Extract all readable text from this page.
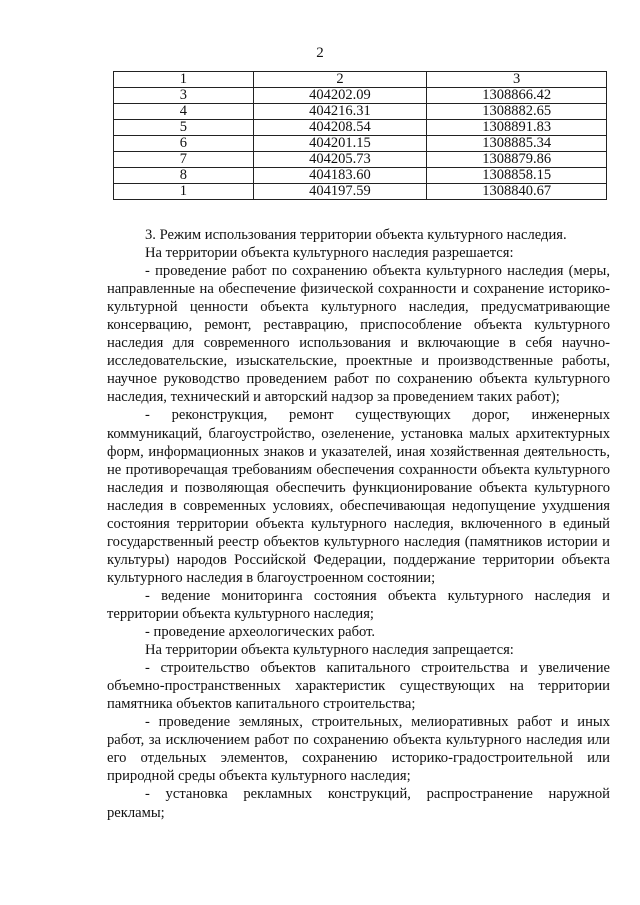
2
1	2	3
3	404202.09	1308866.42
4	404216.31	1308882.65
5	404208.54	1308891.83
6	404201.15	1308885.34
7	404205.73	1308879.86
8	404183.60	1308858.15
1	404197.59	1308840.67

3. Режим использования территории объекта культурного наследия.

На территории объекта культурного наследия разрешается:

- проведение работ по сохранению объекта культурного наследия (меры, направленные на обеспечение физической сохранности и сохранение историко-культурной ценности объекта культурного наследия, предусматривающие консервацию, ремонт, реставрацию, приспособление объекта культурного наследия для современного использования и включающие в себя научно-исследовательские, изыскательские, проектные и производственные работы, научное руководство проведением работ по сохранению объекта культурного наследия, технический и авторский надзор за проведением таких работ);

- реконструкция, ремонт существующих дорог, инженерных коммуникаций, благоустройство, озеленение, установка малых архитектурных форм, информационных знаков и указателей, иная хозяйственная деятельность, не противоречащая требованиям обеспечения сохранности объекта культурного наследия и позволяющая обеспечить функционирование объекта культурного наследия в современных условиях, обеспечивающая недопущение ухудшения состояния территории объекта культурного наследия, включенного в единый государственный реестр объектов культурного наследия (памятников истории и культуры) народов Российской Федерации, поддержание территории объекта культурного наследия в благоустроенном состоянии;

- ведение мониторинга состояния объекта культурного наследия и территории объекта культурного наследия;

- проведение археологических работ.

На территории объекта культурного наследия запрещается:

- строительство объектов капитального строительства и увеличение объемно-пространственных характеристик существующих на территории памятника объектов капитального строительства;

- проведение земляных, строительных, мелиоративных работ и иных работ, за исключением работ по сохранению объекта культурного наследия или его отдельных элементов, сохранению историко-градостроительной или природной среды объекта культурного наследия;

- установка рекламных конструкций, распространение наружной рекламы;
